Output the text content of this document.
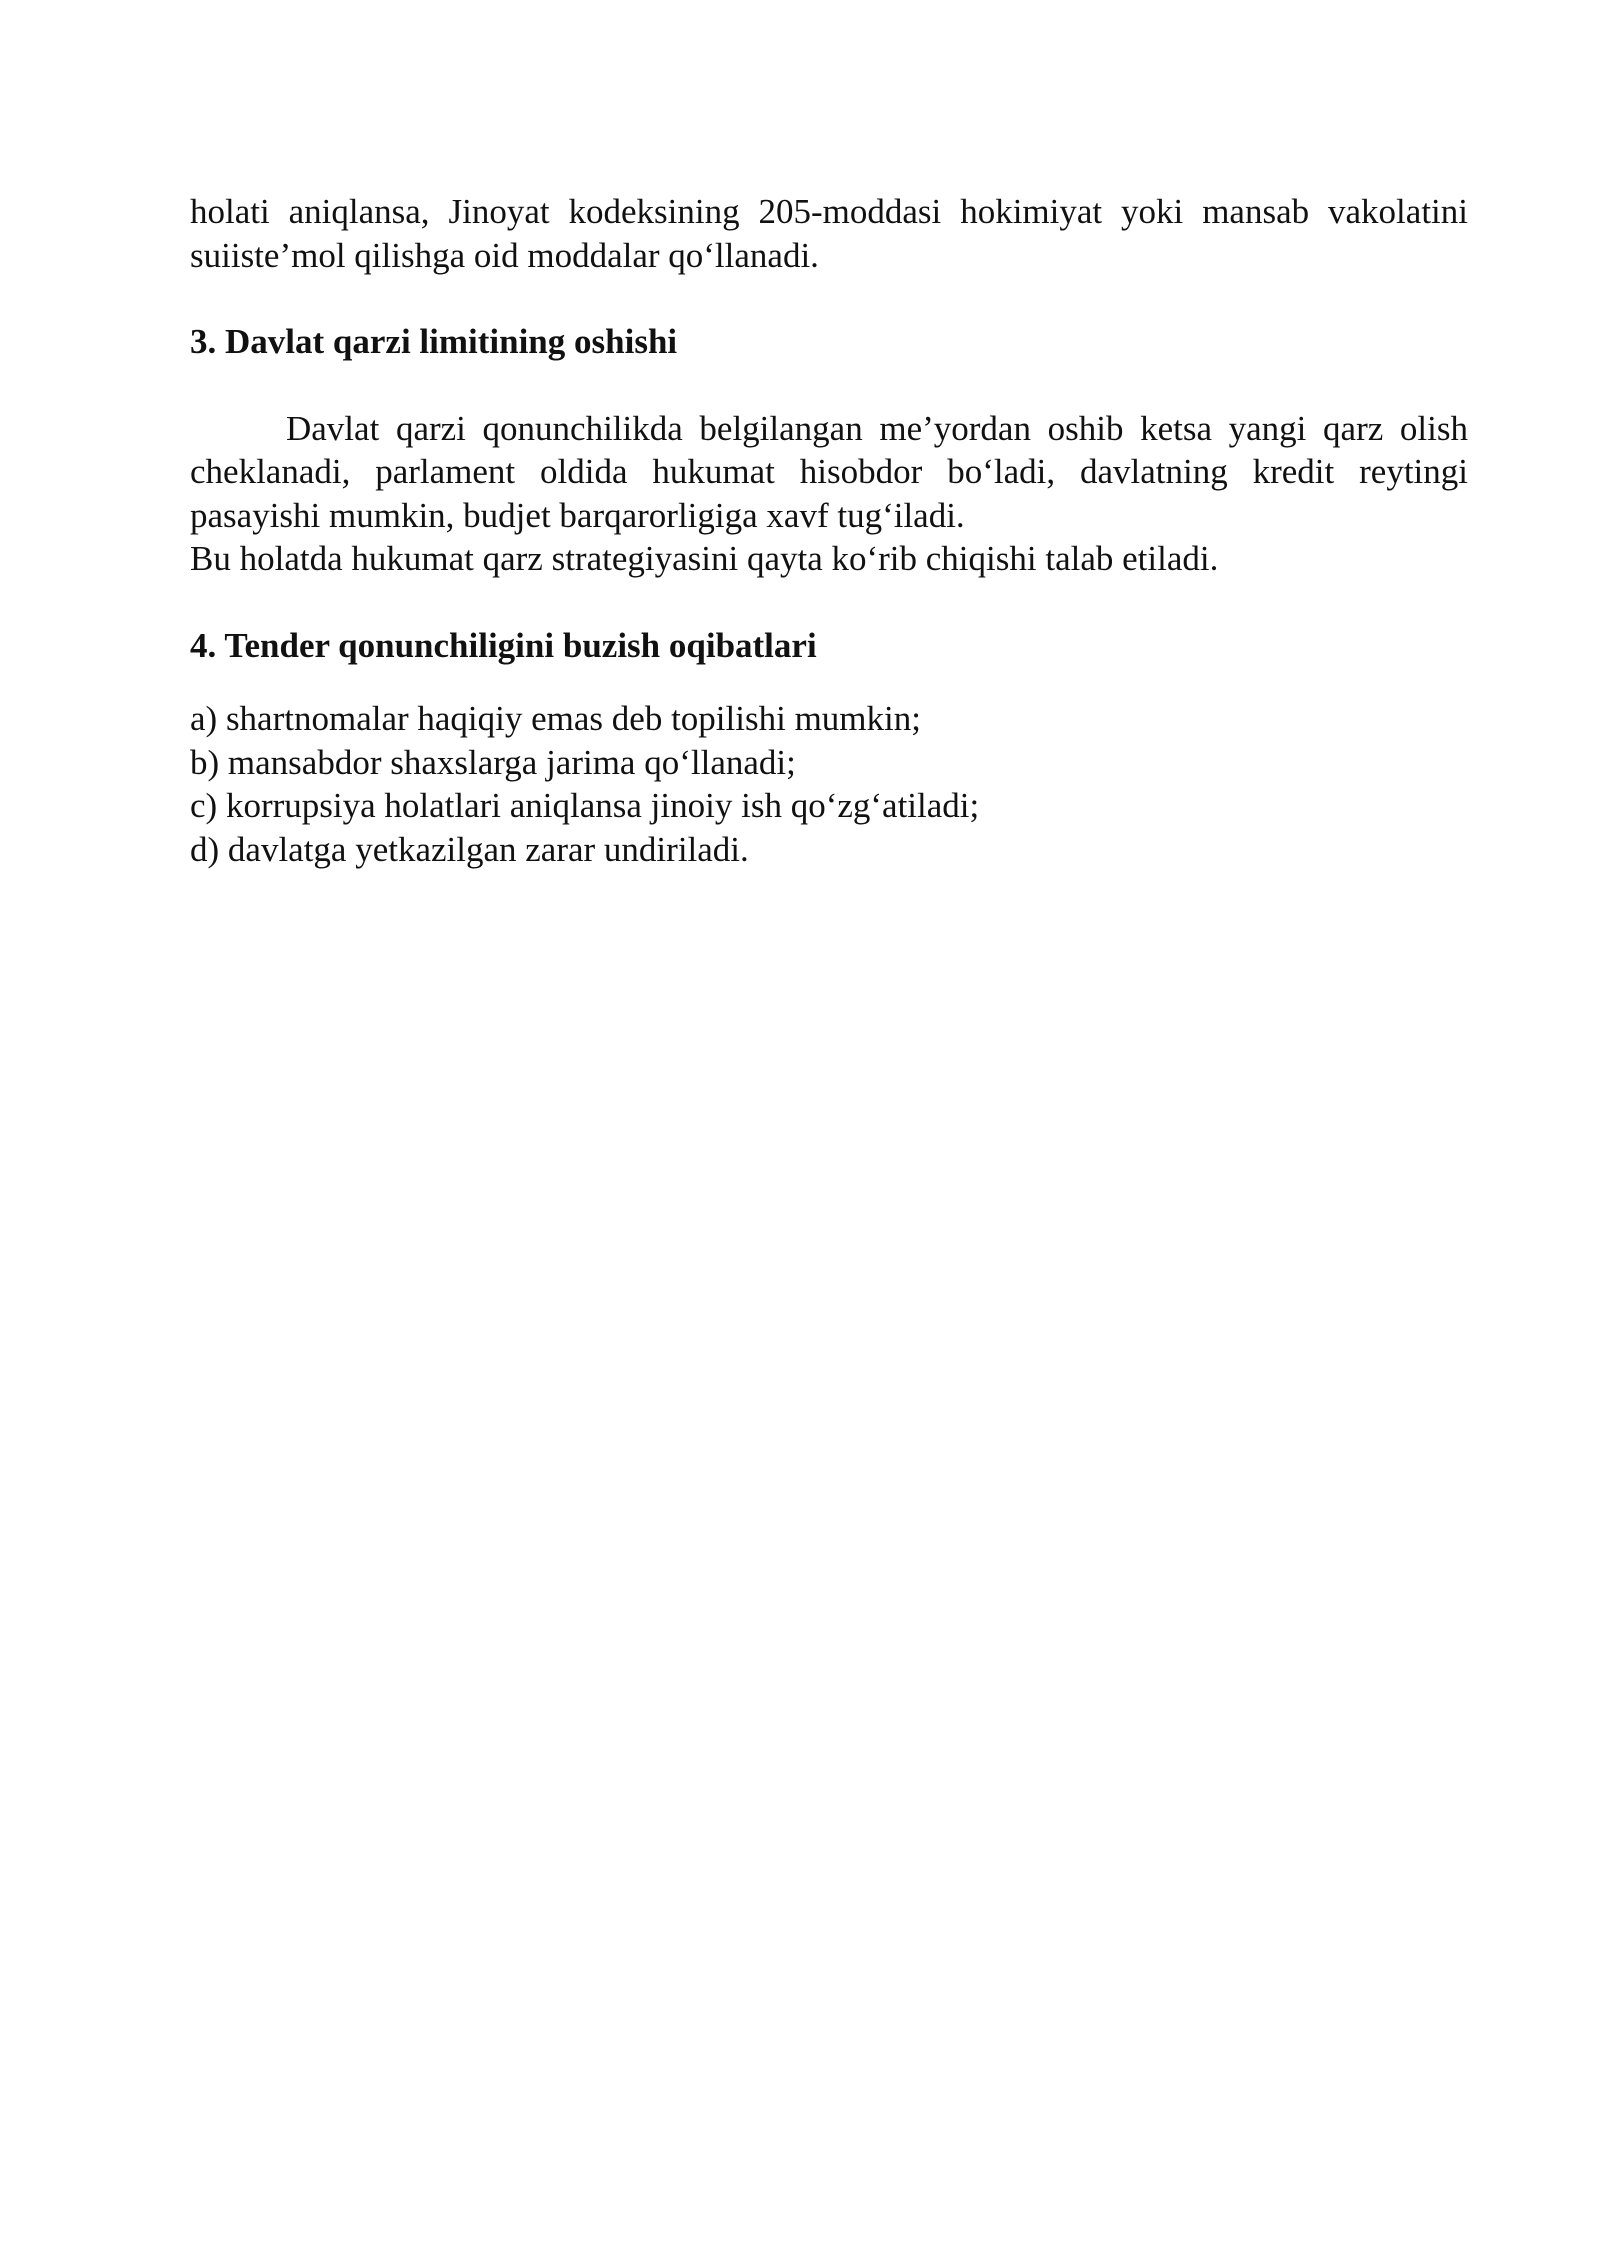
holati aniqlansa, Jinoyat kodeksining 205-moddasi hokimiyat yoki mansab vakolatini suiiste’mol qilishga oid moddalar qo‘llanadi.

3. Davlat qarzi limitining oshishi

Davlat qarzi qonunchilikda belgilangan me’yordan oshib ketsa yangi qarz olish cheklanadi, parlament oldida hukumat hisobdor bo‘ladi, davlatning kredit reytingi pasayishi mumkin, budjet barqarorligiga xavf tug‘iladi.

Bu holatda hukumat qarz strategiyasini qayta ko‘rib chiqishi talab etiladi.

4. Tender qonunchiligini buzish oqibatlari

a) shartnomalar haqiqiy emas deb topilishi mumkin;

b) mansabdor shaxslarga jarima qo‘llanadi;

c) korrupsiya holatlari aniqlansa jinoiy ish qo‘zg‘atiladi;

d) davlatga yetkazilgan zarar undiriladi.
